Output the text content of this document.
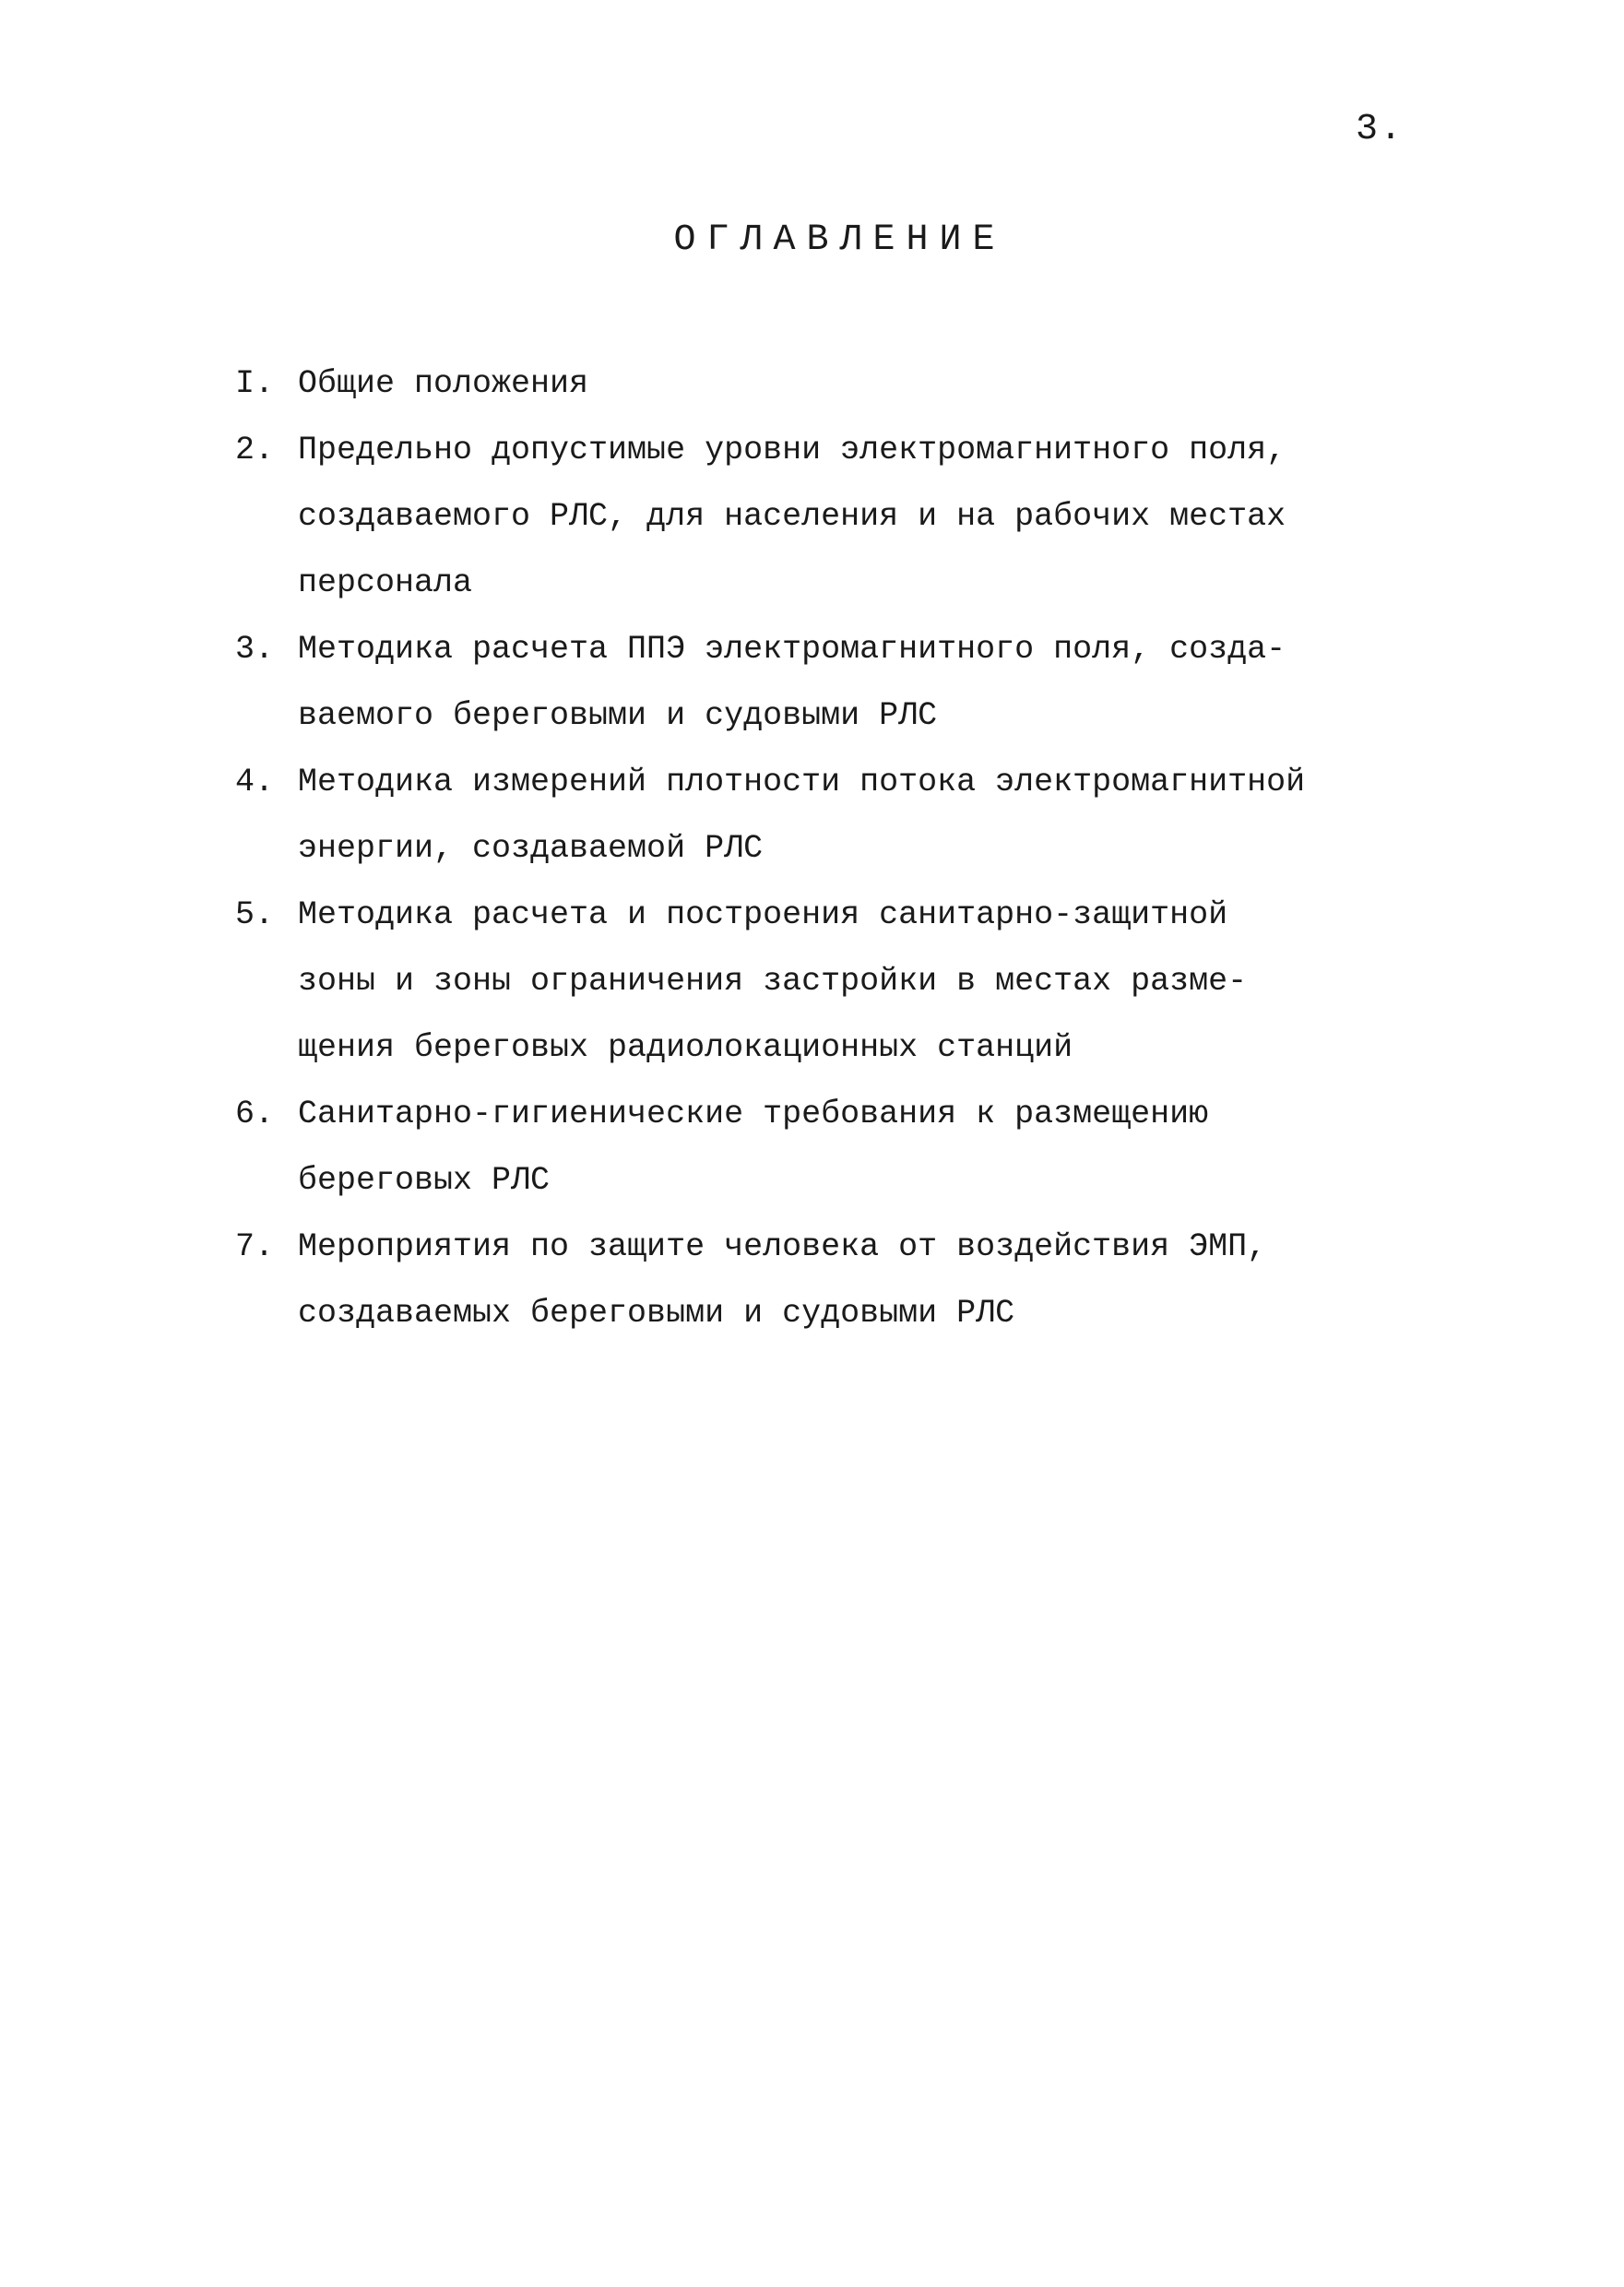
3.
ОГЛАВЛЕНИЕ
I. Общие положения
2. Предельно допустимые уровни электромагнитного поля,
создаваемого РЛС, для населения и на рабочих местах
персонала
3. Методика расчета ППЭ электромагнитного поля, созда-
ваемого береговыми и судовыми РЛС
4. Методика измерений плотности потока электромагнитной
энергии, создаваемой РЛС
5. Методика расчета и построения санитарно-защитной
зоны и зоны ограничения застройки в местах разме-
щения береговых радиолокационных станций
6. Санитарно-гигиенические требования к размещению
береговых РЛС
7. Мероприятия по защите человека от воздействия ЭМП,
создаваемых береговыми и судовыми РЛС
